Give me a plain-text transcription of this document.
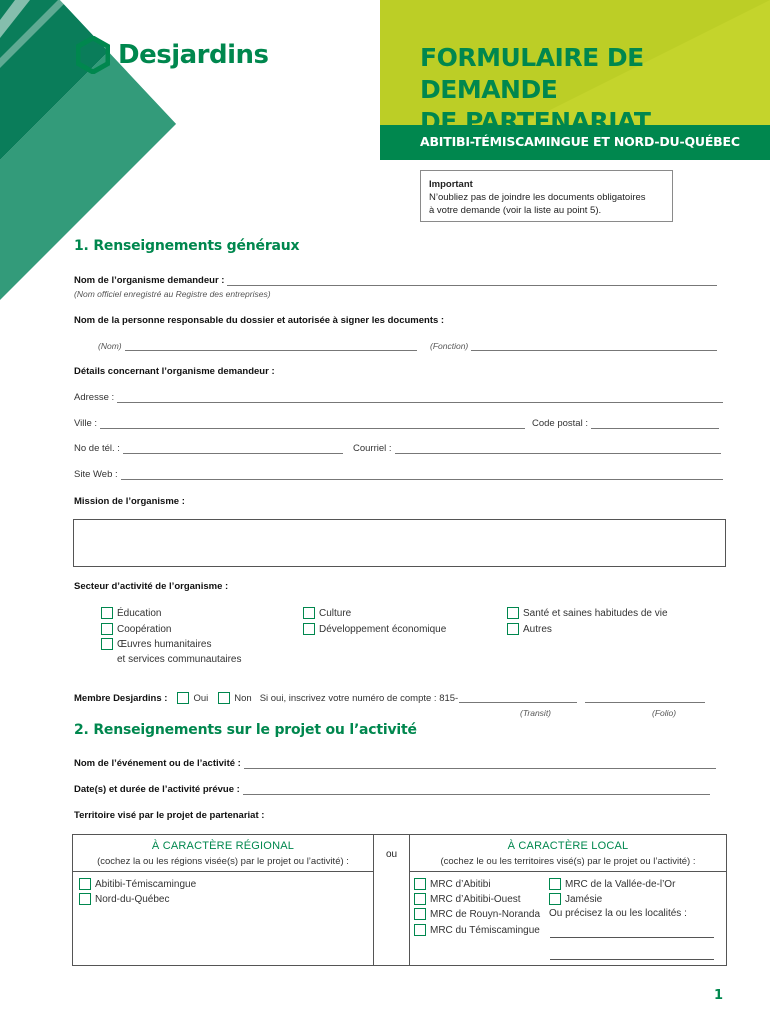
Desjardins	FORMULAIRE DE DEMANDE
DE PARTENARIAT
ABITIBI-TÉMISCAMINGUE ET NORD-DU-QUÉBEC
Important
N’oubliez pas de joindre les documents obligatoires
à votre demande (voir la liste au point 5).
1. Renseignements généraux
Nom de l’organisme demandeur :
(Nom officiel enregistré au Registre des entreprises)
Nom de la personne responsable du dossier et autorisée à signer les documents :
(Nom)	(Fonction)
Détails concernant l’organisme demandeur :
Adresse :
Ville :	Code postal :
No de tél. :	Courriel :
Site Web :
Mission de l’organisme :
Secteur d’activité de l’organisme :
Éducation
Coopération
Œuvres humanitaires
et services communautaires
Culture
Développement économique
Santé et saines habitudes de vie
Autres
Membre Desjardins :	Oui	Non Si oui, inscrivez votre numéro de compte : 815-
(Transit)	(Folio)
2. Renseignements sur le projet ou l’activité
Nom de l’événement ou de l’activité :
Date(s) et durée de l’activité prévue :
Territoire visé par le projet de partenariat :
À CARACTÈRE RÉGIONAL
(cochez la ou les régions visée(s) par le projet ou l’activité) :
Abitibi-Témiscamingue
Nord-du-Québec
ou
À CARACTÈRE LOCAL
(cochez le ou les territoires visé(s) par le projet ou l’activité) :
MRC d’Abitibi
MRC d’Abitibi-Ouest
MRC de Rouyn-Noranda
MRC du Témiscamingue
MRC de la Vallée-de-l’Or
Jamésie
Ou précisez la ou les localités :
1
